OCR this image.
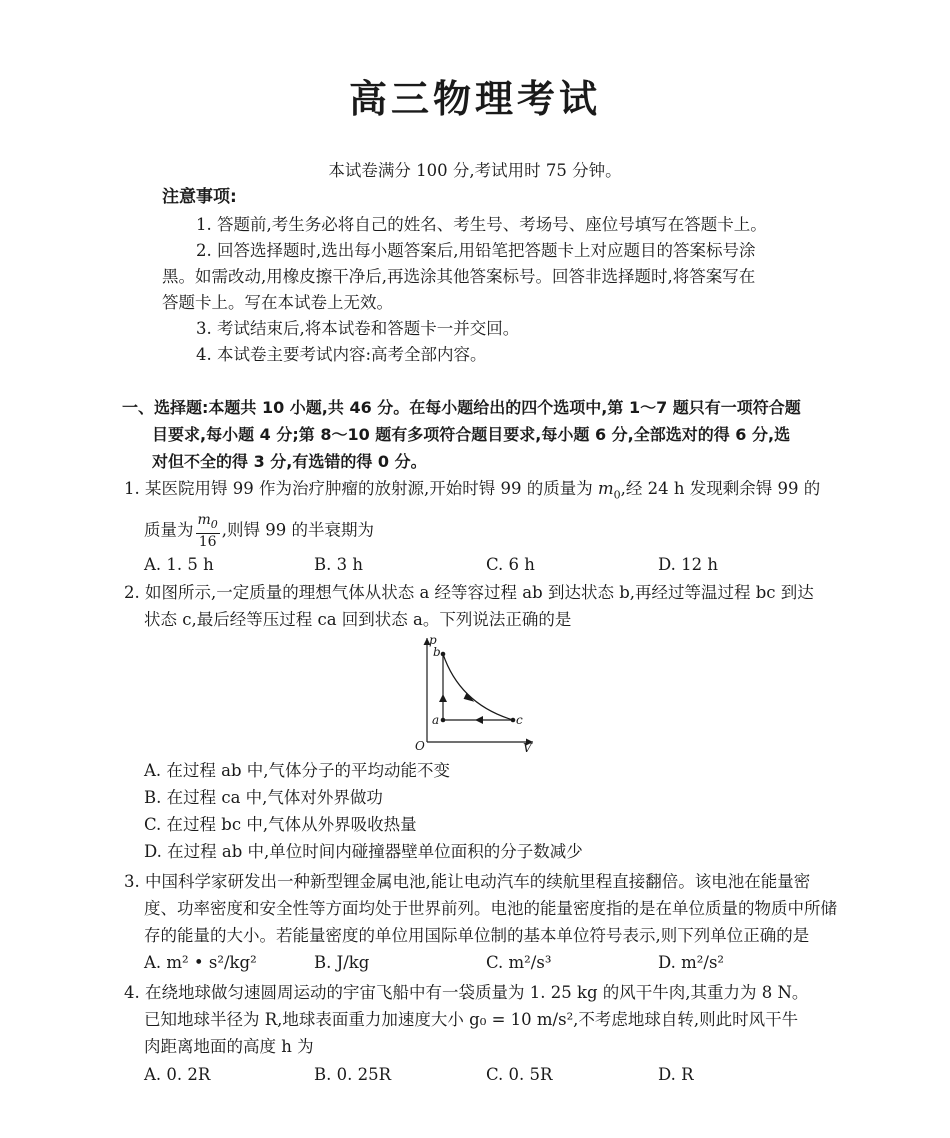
高三物理考试
本试卷满分 100 分,考试用时 75 分钟。
注意事项:
1. 答题前,考生务必将自己的姓名、考生号、考场号、座位号填写在答题卡上。
2. 回答选择题时,选出每小题答案后,用铅笔把答题卡上对应题目的答案标号涂
黑。如需改动,用橡皮擦干净后,再选涂其他答案标号。回答非选择题时,将答案写在
答题卡上。写在本试卷上无效。
3. 考试结束后,将本试卷和答题卡一并交回。
4. 本试卷主要考试内容:高考全部内容。
一、选择题:本题共 10 小题,共 46 分。在每小题给出的四个选项中,第 1～7 题只有一项符合题
目要求,每小题 4 分;第 8～10 题有多项符合题目要求,每小题 6 分,全部选对的得 6 分,选
对但不全的得 3 分,有选错的得 0 分。
1. 某医院用锝 99 作为治疗肿瘤的放射源,开始时锝 99 的质量为 $m_0$,经 24 h 发现剩余锝 99 的
质量为 $\frac{m_0}{16}$ ,则锝 99 的半衰期为
A. 1. 5 h	B. 3 h	C. 6 h	D. 12 h
2. 如图所示,一定质量的理想气体从状态 a 经等容过程 ab 到达状态 b,再经过等温过程 bc 到达
状态 c,最后经等压过程 ca 回到状态 a。下列说法正确的是
p
V
O
a
b
c
A. 在过程 ab 中,气体分子的平均动能不变
B. 在过程 ca 中,气体对外界做功
C. 在过程 bc 中,气体从外界吸收热量
D. 在过程 ab 中,单位时间内碰撞器壁单位面积的分子数减少
3. 中国科学家研发出一种新型锂金属电池,能让电动汽车的续航里程直接翻倍。该电池在能量密
度、功率密度和安全性等方面均处于世界前列。电池的能量密度指的是在单位质量的物质中所储
存的能量的大小。若能量密度的单位用国际单位制的基本单位符号表示,则下列单位正确的是
A. m² • s²/kg²	B. J/kg	C. m²/s³	D. m²/s²
4. 在绕地球做匀速圆周运动的宇宙飞船中有一袋质量为 1. 25 kg 的风干牛肉,其重力为 8 N。
已知地球半径为 R,地球表面重力加速度大小 g₀ = 10 m/s²,不考虑地球自转,则此时风干牛
肉距离地面的高度 h 为
A. 0. 2R	B. 0. 25R	C. 0. 5R	D. R
